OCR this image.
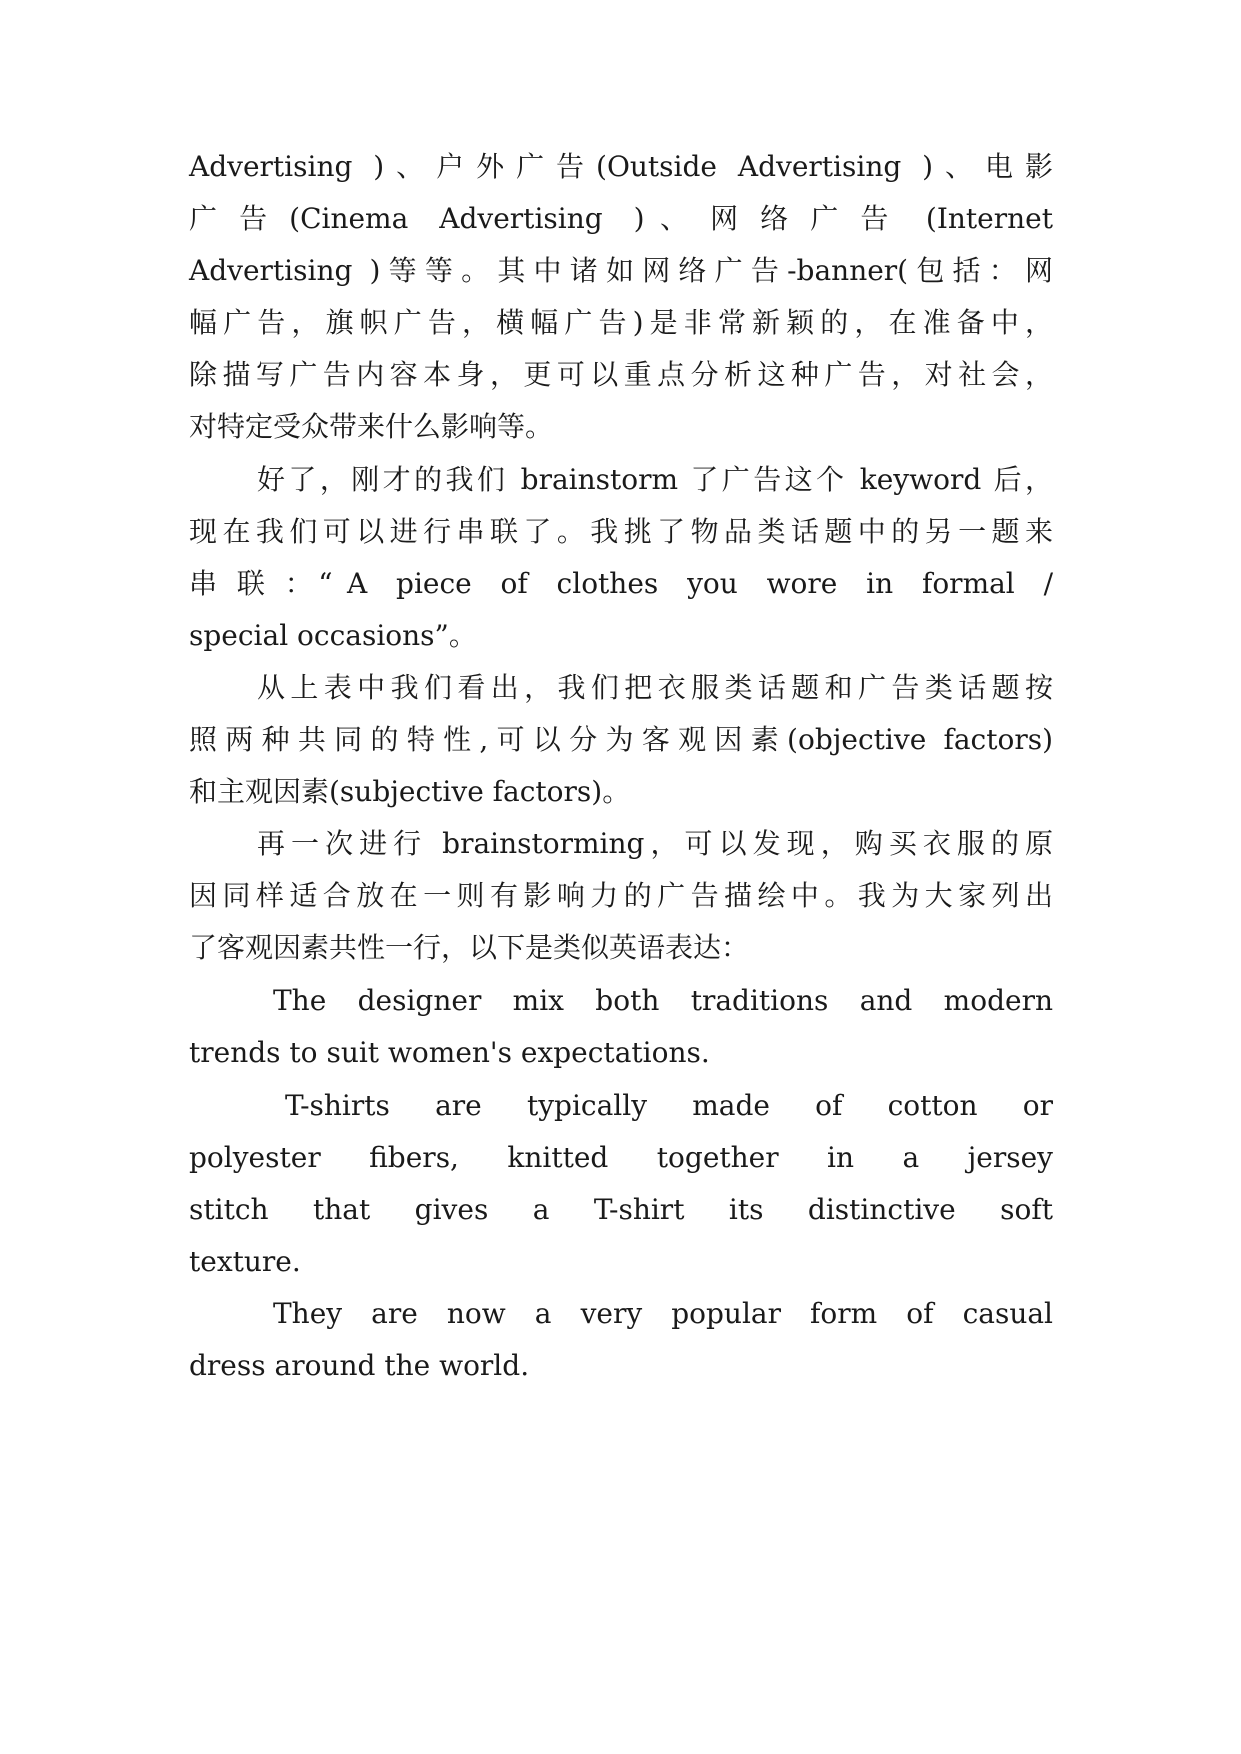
Advertising )、户外广告(Outside Advertising )、电影
广 告 (Cinema  Advertising  ) 、 网 络 广 告  (Internet
Advertising )等等。其中诸如网络广告-banner(包括：网
幅广告，旗帜广告，横幅广告)是非常新颖的，在准备中，
除描写广告内容本身，更可以重点分析这种广告，对社会，
对特定受众带来什么影响等。
好了，刚才的我们 brainstorm 了广告这个 keyword 后，
现在我们可以进行串联了。我挑了物品类话题中的另一题来
串 联 ：“ A  piece  of  clothes  you  wore  in  formal  /
special occasions”。
从上表中我们看出，我们把衣服类话题和广告类话题按
照两种共同的特性,可以分为客观因素(objective factors)
和主观因素(subjective factors)。
再一次进行 brainstorming，可以发现，购买衣服的原
因同样适合放在一则有影响力的广告描绘中。我为大家列出
了客观因素共性一行，以下是类似英语表达：
The  designer  mix  both  traditions  and  modern
trends to suit women's expectations.
T-shirts  are  typically  made  of  cotton  or
polyester  fibers,  knitted  together  in  a  jersey
stitch  that  gives  a  T-shirt  its  distinctive  soft
texture.
They  are  now  a  very  popular  form  of  casual
dress around the world.
